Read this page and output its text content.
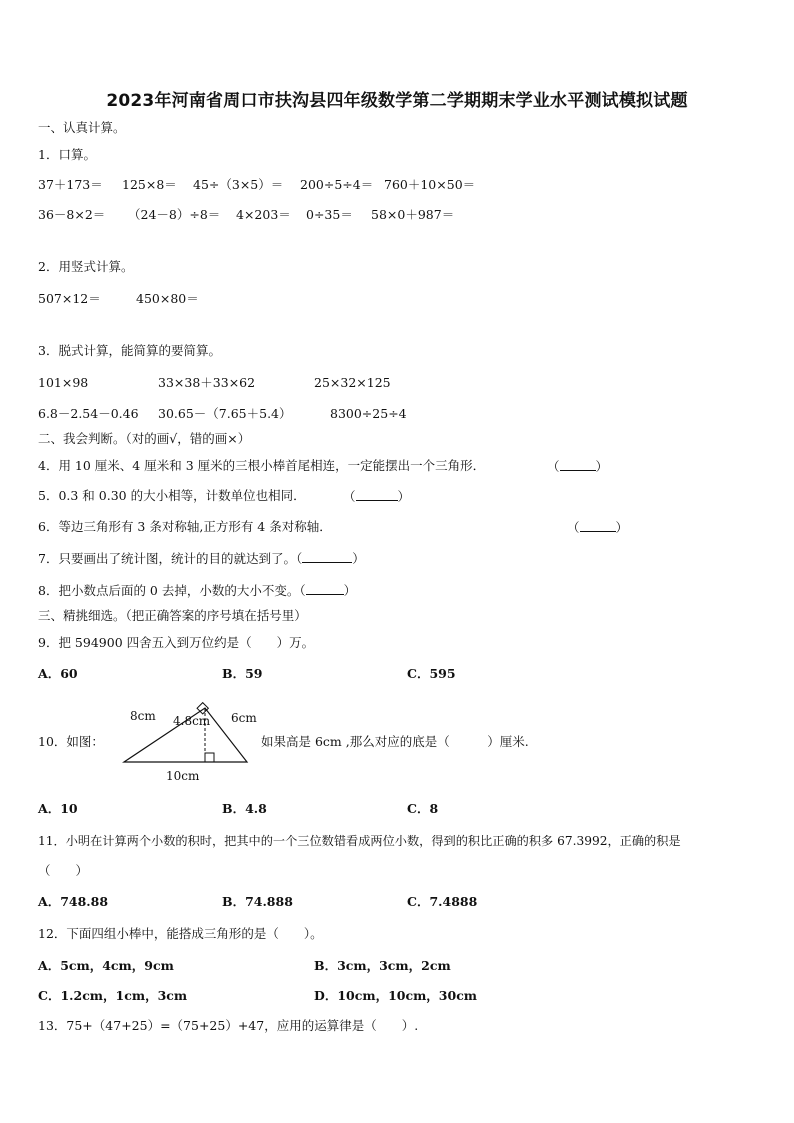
2023年河南省周口市扶沟县四年级数学第二学期期末学业水平测试模拟试题
一、认真计算。
1．口算。
37＋173＝ 125×8＝ 45÷（3×5）＝ 200÷5÷4＝ 760＋10×50＝
36－8×2＝ （24－8）÷8＝ 4×203＝ 0÷35＝ 58×0＋987＝
2．用竖式计算。
507×12＝	450×80＝
3．脱式计算，能简算的要简算。
101×98	33×38＋33×62	25×32×125
6.8－2.54－0.46 30.65－（7.65＋5.4）	8300÷25÷4
二、我会判断。（对的画√，错的画×）
4．用 10 厘米、4 厘米和 3 厘米的三根小棒首尾相连，一定能摆出一个三角形．	（	）
5．0.3 和 0.30 的大小相等，计数单位也相同．	（	）
6．等边三角形有 3 条对称轴,正方形有 4 条对称轴．	（	）
7．只要画出了统计图，统计的目的就达到了。（	）
8．把小数点后面的 0 去掉，小数的大小不变。（	）
三、精挑细选。（把正确答案的序号填在括号里）
9．把 594900 四舍五入到万位约是（　　）万。
A．60	B．59	C．595
10．如图：
8cm 4.8cm 6cm
10cm
如果高是 6cm ,那么对应的底是（　　　）厘米.
A．10	B．4.8	C．8
11．小明在计算两个小数的积时，把其中的一个三位数错看成两位小数，得到的积比正确的积多 67.3992，正确的积是
（　　）
A．748.88	B．74.888	C．7.4888
12．下面四组小棒中，能搭成三角形的是（　　）。
A．5cm，4cm，9cm	B．3cm，3cm，2cm
C．1.2cm，1cm，3cm	D．10cm，10cm，30cm
13．75+（47+25）=（75+25）+47，应用的运算律是（　　）.
